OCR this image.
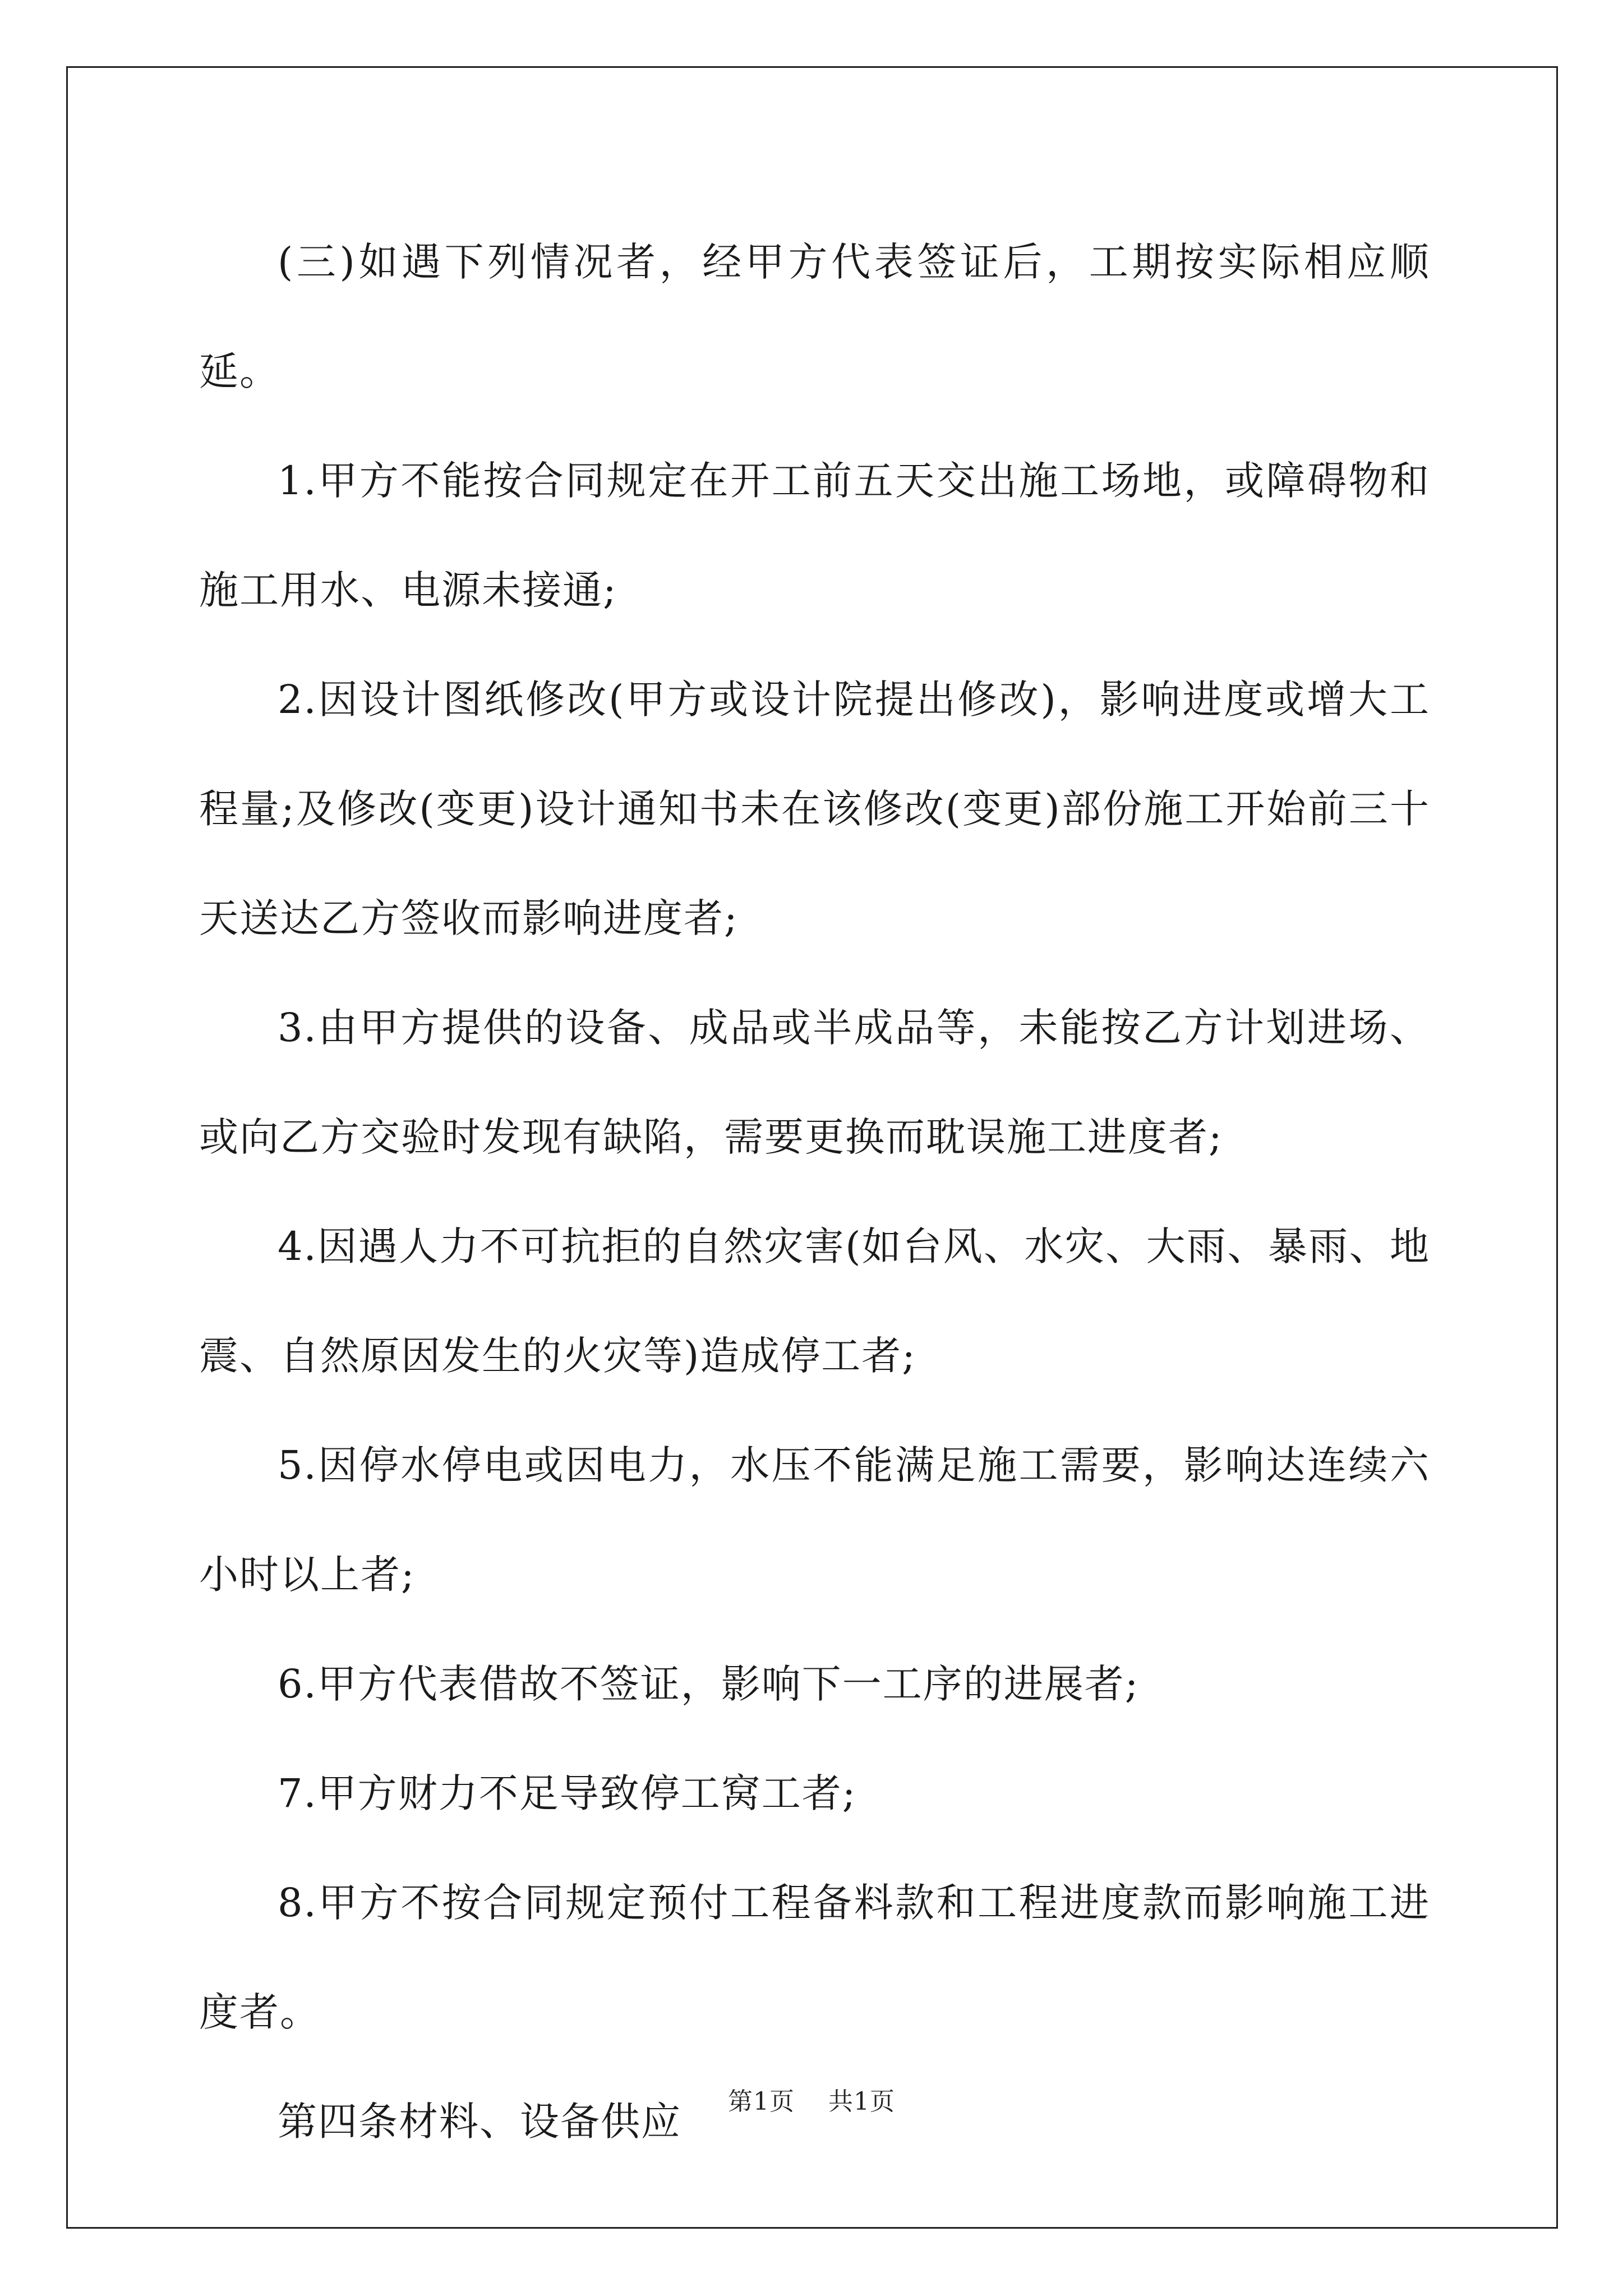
(三)如遇下列情况者，经甲方代表签证后，工期按实际相应顺延。

1.甲方不能按合同规定在开工前五天交出施工场地，或障碍物和施工用水、电源未接通;

2.因设计图纸修改(甲方或设计院提出修改)，影响进度或增大工程量;及修改(变更)设计通知书未在该修改(变更)部份施工开始前三十天送达乙方签收而影响进度者;

3.由甲方提供的设备、成品或半成品等，未能按乙方计划进场、或向乙方交验时发现有缺陷，需要更换而耽误施工进度者;

4.因遇人力不可抗拒的自然灾害(如台风、水灾、大雨、暴雨、地震、自然原因发生的火灾等)造成停工者;

5.因停水停电或因电力，水压不能满足施工需要，影响达连续六小时以上者;

6.甲方代表借故不签证，影响下一工序的进展者;

7.甲方财力不足导致停工窝工者;

8.甲方不按合同规定预付工程备料款和工程进度款而影响施工进度者。

第四条材料、设备供应	第1页 共1页
